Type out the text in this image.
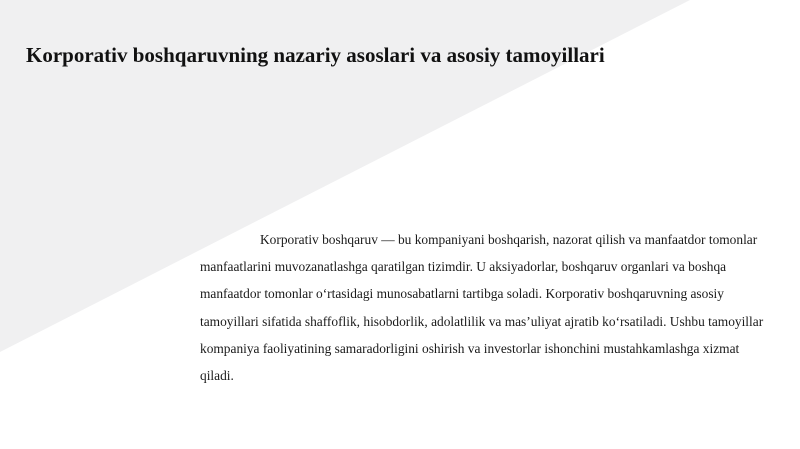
Korporativ boshqaruvning nazariy asoslari va asosiy tamoyillari

Korporativ boshqaruv — bu kompaniyani boshqarish, nazorat qilish va manfaatdor tomonlar manfaatlarini muvozanatlashga qaratilgan tizimdir. U aksiyadorlar, boshqaruv organlari va boshqa manfaatdor tomonlar o‘rtasidagi munosabatlarni tartibga soladi. Korporativ boshqaruvning asosiy tamoyillari sifatida shaffoflik, hisobdorlik, adolatlilik va mas’uliyat ajratib ko‘rsatiladi. Ushbu tamoyillar kompaniya faoliyatining samaradorligini oshirish va investorlar ishonchini mustahkamlashga xizmat qiladi.
